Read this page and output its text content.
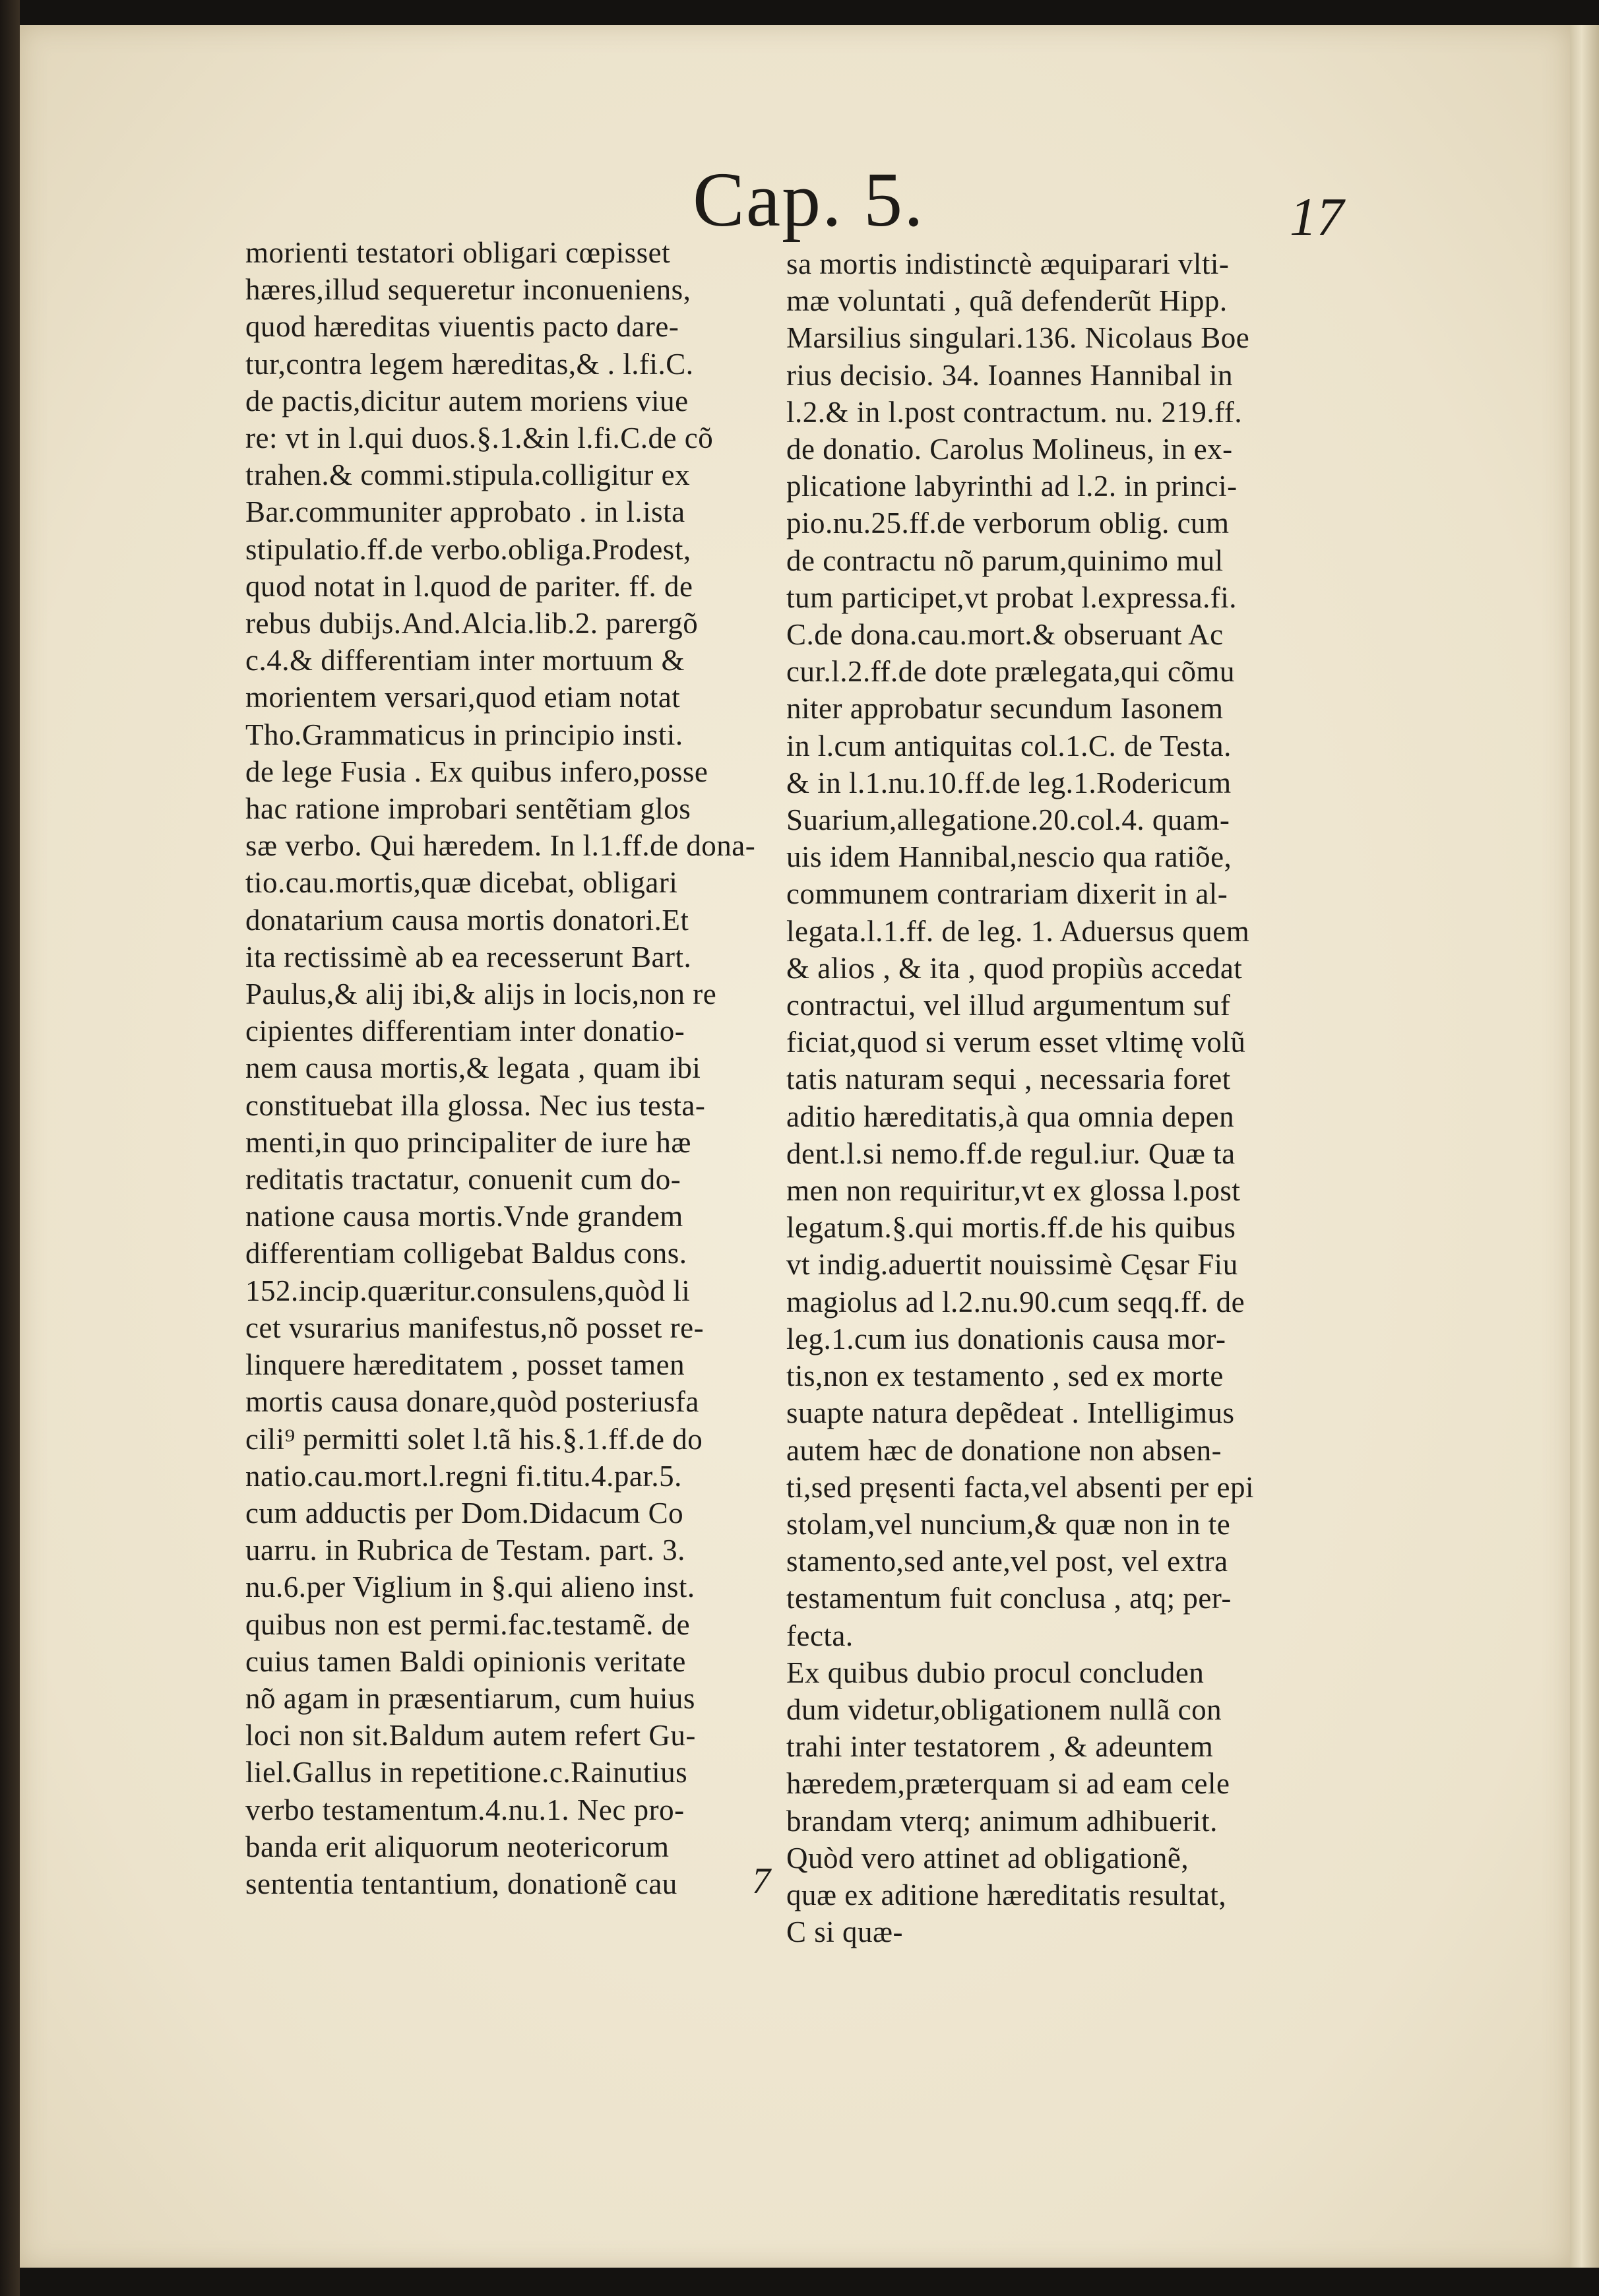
Cap. 5.	17
morienti testatori obligari cœpisset
hæres,illud sequeretur inconueniens,
quod hæreditas viuentis pacto dare-
tur,contra legem hæreditas,& . l.fi.C.
de pactis,dicitur autem moriens viue
re: vt in l.qui duos.§.1.&in l.fi.C.de cõ
trahen.& commi.stipula.colligitur ex
Bar.communiter approbato . in l.ista
stipulatio.ff.de verbo.obliga.Prodest,
quod notat in l.quod de pariter. ff. de
rebus dubijs.And.Alcia.lib.2. parergõ
c.4.& differentiam inter mortuum &
morientem versari,quod etiam notat
Tho.Grammaticus in principio insti.
de lege Fusia . Ex quibus infero,posse
hac ratione improbari sentẽtiam glos
sæ verbo. Qui hæredem. In l.1.ff.de dona-
tio.cau.mortis,quæ dicebat, obligari
donatarium causa mortis donatori.Et
ita rectissimè ab ea recesserunt Bart.
Paulus,& alij ibi,& alijs in locis,non re
cipientes differentiam inter donatio-
nem causa mortis,& legata , quam ibi
constituebat illa glossa. Nec ius testa-
menti,in quo principaliter de iure hæ
reditatis tractatur, conuenit cum do-
natione causa mortis.Vnde grandem
differentiam colligebat Baldus cons.
152.incip.quæritur.consulens,quòd li
cet vsurarius manifestus,nõ posset re-
linquere hæreditatem , posset tamen
mortis causa donare,quòd posteriusfa
cili⁹ permitti solet l.tã his.§.1.ff.de do
natio.cau.mort.l.regni fi.titu.4.par.5.
cum adductis per Dom.Didacum Co
uarru. in Rubrica de Testam. part. 3.
nu.6.per Viglium in §.qui alieno inst.
quibus non est permi.fac.testamẽ. de
cuius tamen Baldi opinionis veritate
nõ agam in præsentiarum, cum huius
loci non sit.Baldum autem refert Gu-
liel.Gallus in repetitione.c.Rainutius
verbo testamentum.4.nu.1. Nec pro-
banda erit aliquorum neotericorum
sententia tentantium, donationẽ cau
sa mortis indistinctè æquiparari vlti-
mæ voluntati , quã defenderũt Hipp.
Marsilius singulari.136. Nicolaus Boe
rius decisio. 34. Ioannes Hannibal in
l.2.& in l.post contractum. nu. 219.ff.
de donatio. Carolus Molineus, in ex-
plicatione labyrinthi ad l.2. in princi-
pio.nu.25.ff.de verborum oblig. cum
de contractu nõ parum,quinimo mul
tum participet,vt probat l.expressa.fi.
C.de dona.cau.mort.& obseruant Ac
cur.l.2.ff.de dote prælegata,qui cõmu
niter approbatur secundum Iasonem
in l.cum antiquitas col.1.C. de Testa.
& in l.1.nu.10.ff.de leg.1.Rodericum
Suarium,allegatione.20.col.4. quam-
uis idem Hannibal,nescio qua ratiõe,
communem contrariam dixerit in al-
legata.l.1.ff. de leg. 1. Aduersus quem
& alios , & ita , quod propiùs accedat
contractui, vel illud argumentum suf
ficiat,quod si verum esset vltimę volũ
tatis naturam sequi , necessaria foret
aditio hæreditatis,à qua omnia depen
dent.l.si nemo.ff.de regul.iur. Quæ ta
men non requiritur,vt ex glossa l.post
legatum.§.qui mortis.ff.de his quibus
vt indig.aduertit nouissimè Cęsar Fiu
magiolus ad l.2.nu.90.cum seqq.ff. de
leg.1.cum ius donationis causa mor-
tis,non ex testamento , sed ex morte
suapte natura depẽdeat . Intelligimus
autem hæc de donatione non absen-
ti,sed pręsenti facta,vel absenti per epi
stolam,vel nuncium,& quæ non in te
stamento,sed ante,vel post, vel extra
testamentum fuit conclusa , atq; per-
fecta.
Ex quibus dubio procul concluden
dum videtur,obligationem nullã con
trahi inter testatorem , & adeuntem
hæredem,præterquam si ad eam cele
brandam vterq; animum adhibuerit.
Quòd vero attinet ad obligationẽ,
quæ ex aditione hæreditatis resultat,
C si quæ-
7
